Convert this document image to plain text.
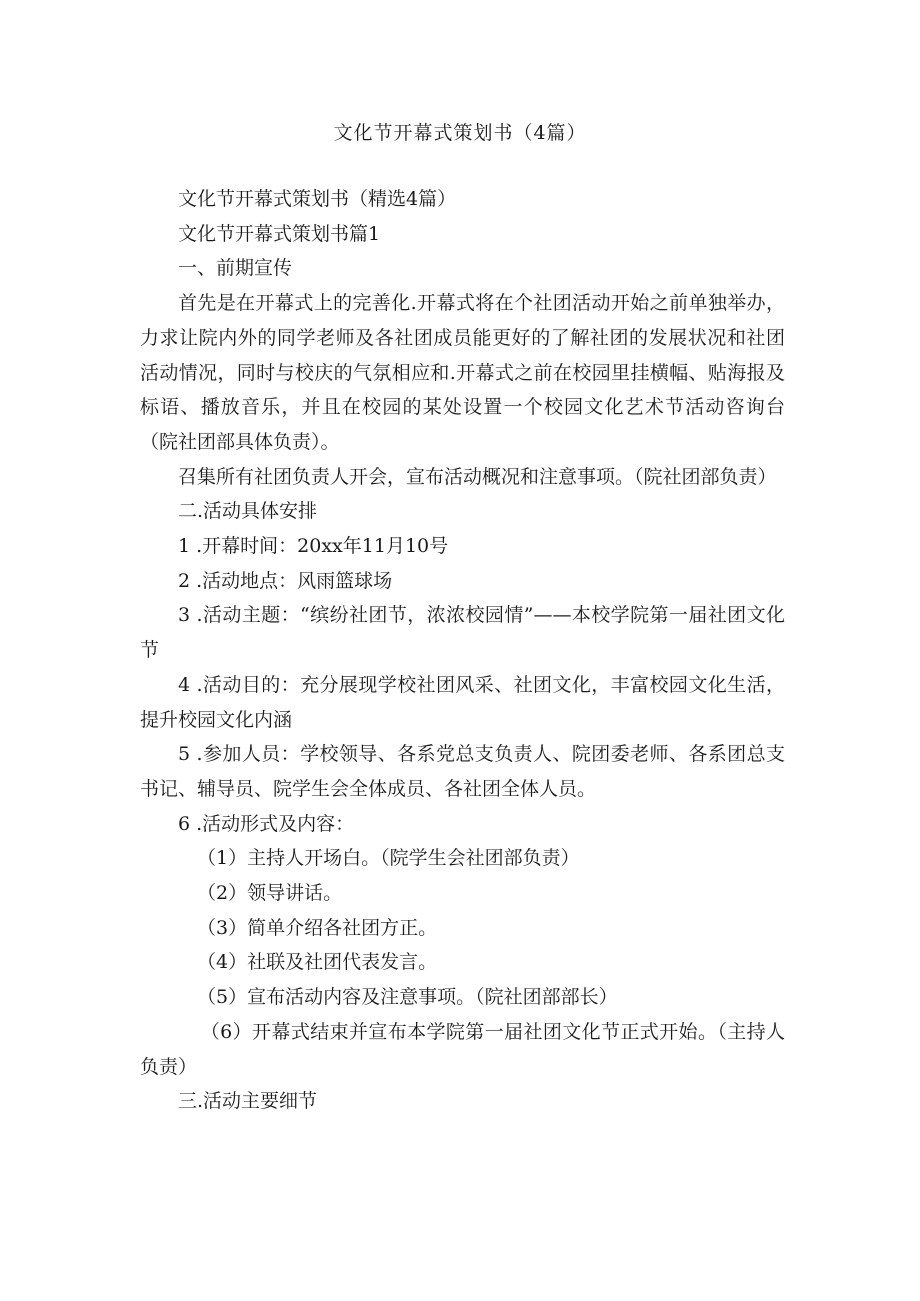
文化节开幕式策划书（4篇）

文化节开幕式策划书（精选4篇）

文化节开幕式策划书篇1

一、前期宣传

首先是在开幕式上的完善化.开幕式将在个社团活动开始之前单独举办，力求让院内外的同学老师及各社团成员能更好的了解社团的发展状况和社团活动情况，同时与校庆的气氛相应和.开幕式之前在校园里挂横幅、贴海报及标语、播放音乐，并且在校园的某处设置一个校园文化艺术节活动咨询台（院社团部具体负责）。

召集所有社团负责人开会，宣布活动概况和注意事项。（院社团部负责）

二.活动具体安排

1 .开幕时间：20xx年11月10号

2 .活动地点：风雨篮球场

3 .活动主题：“缤纷社团节，浓浓校园情”——本校学院第一届社团文化节

4 .活动目的：充分展现学校社团风采、社团文化，丰富校园文化生活，提升校园文化内涵

5 .参加人员：学校领导、各系党总支负责人、院团委老师、各系团总支书记、辅导员、院学生会全体成员、各社团全体人员。

6 .活动形式及内容：

（1）主持人开场白。（院学生会社团部负责）

（2）领导讲话。

（3）简单介绍各社团方正。

（4）社联及社团代表发言。

（5）宣布活动内容及注意事项。（院社团部部长）

（6）开幕式结束并宣布本学院第一届社团文化节正式开始。（主持人负责）

三.活动主要细节
